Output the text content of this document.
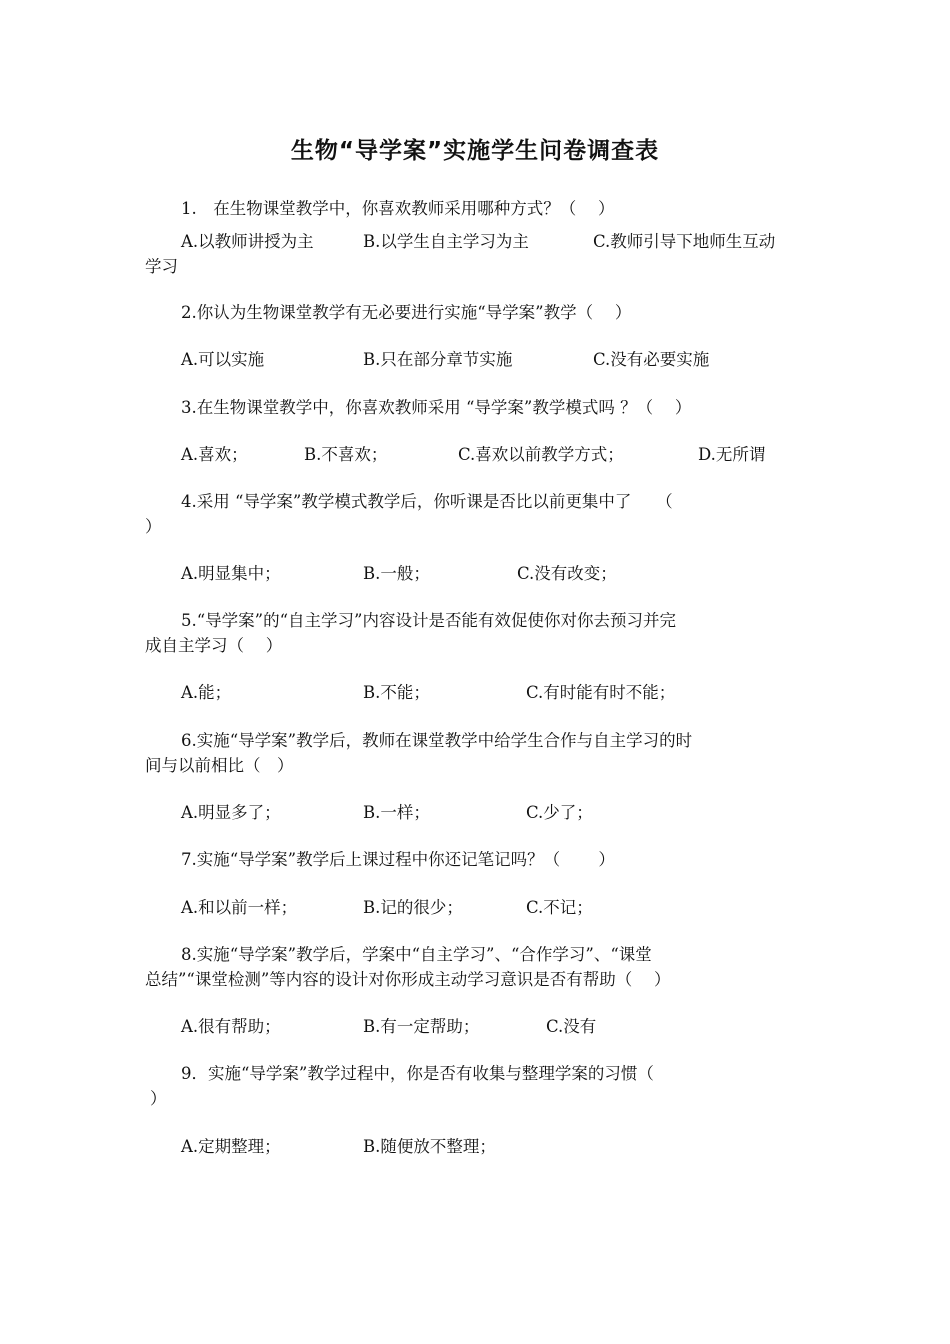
生物“导学案”实施学生问卷调查表
1.　在生物课堂教学中，你喜欢教师采用哪种方式？（　 ）
A.以教师讲授为主	B.以学生自主学习为主	C.教师引导下地师生互动
学习
2.你认为生物课堂教学有无必要进行实施“导学案”教学（　 ）
A.可以实施	B.只在部分章节实施	C.没有必要实施
3.在生物课堂教学中，你喜欢教师采用 “导学案”教学模式吗 ？（　 ）
A.喜欢；	B.不喜欢；	C.喜欢以前教学方式；	D.无所谓
4.采用 “导学案”教学模式教学后，你听课是否比以前更集中了　　（
）
A.明显集中；	B.一般；	C.没有改变；
5.“导学案”的“自主学习”内容设计是否能有效促使你对你去预习并完
成自主学习（　 ）
A.能；	B.不能；	C.有时能有时不能；
6.实施“导学案”教学后，教师在课堂教学中给学生合作与自主学习的时
间与以前相比（　）
A.明显多了；	B.一样；	C.少了；
7.实施“导学案”教学后上课过程中你还记笔记吗？（　　 ）
A.和以前一样；	B.记的很少；	C.不记；
8.实施“导学案”教学后，学案中“自主学习”、“合作学习”、“课堂
总结”“课堂检测”等内容的设计对你形成主动学习意识是否有帮助（　 ）
A.很有帮助；	B.有一定帮助；	C.没有
9．实施“导学案”教学过程中，你是否有收集与整理学案的习惯（
）
A.定期整理；	B.随便放不整理；
